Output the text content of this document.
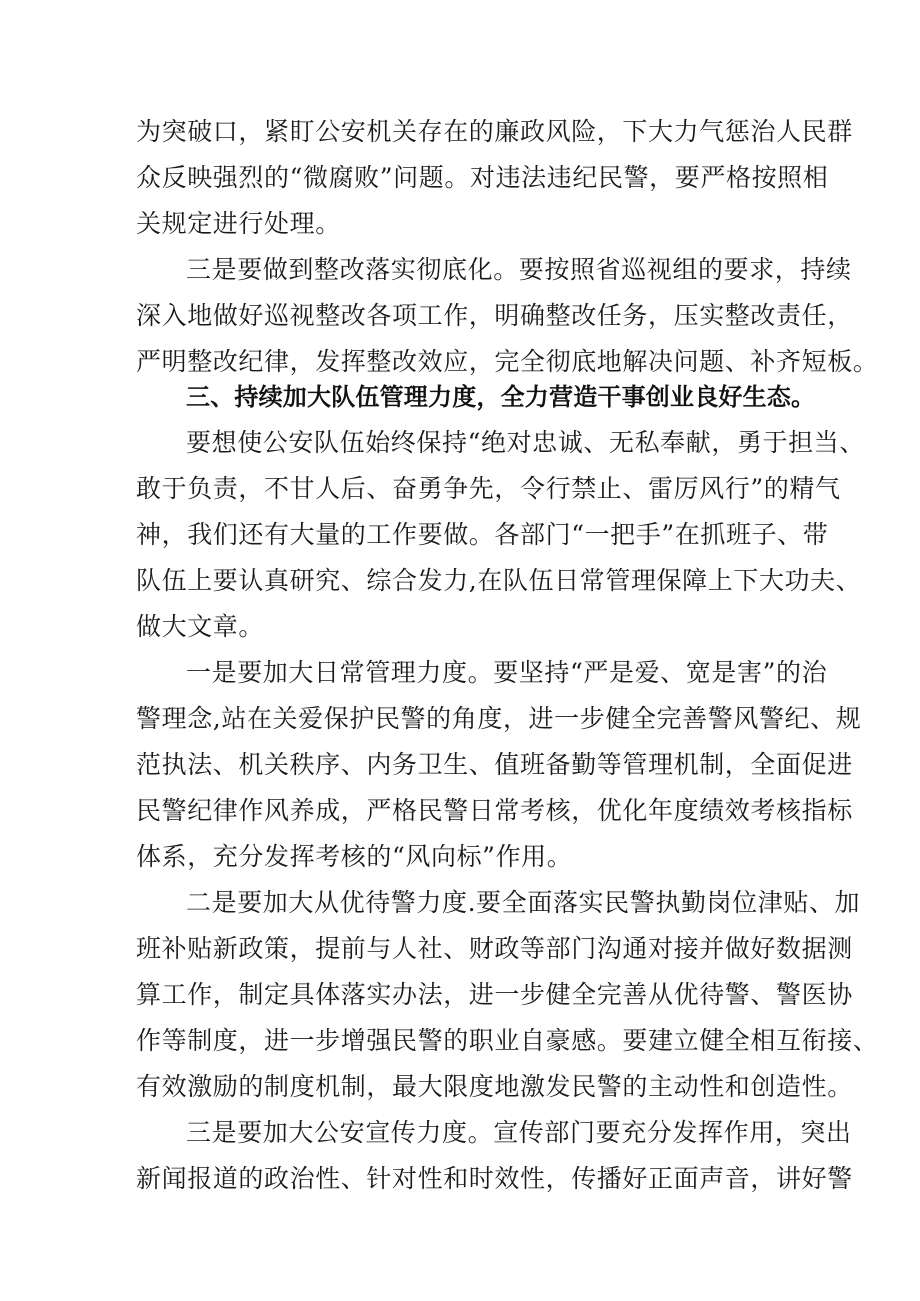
为突破口，紧盯公安机关存在的廉政风险，下大力气惩治人民群
众反映强烈的“微腐败”问题。对违法违纪民警，要严格按照相
关规定进行处理。
三是要做到整改落实彻底化。要按照省巡视组的要求，持续
深入地做好巡视整改各项工作，明确整改任务，压实整改责任，
严明整改纪律，发挥整改效应，完全彻底地解决问题、补齐短板。
三、持续加大队伍管理力度，全力营造干事创业良好生态。
要想使公安队伍始终保持“绝对忠诚、无私奉献，勇于担当、
敢于负责，不甘人后、奋勇争先，令行禁止、雷厉风行”的精气
神，我们还有大量的工作要做。各部门“一把手”在抓班子、带
队伍上要认真研究、综合发力,在队伍日常管理保障上下大功夫、
做大文章。
一是要加大日常管理力度。要坚持“严是爱、宽是害”的治
警理念,站在关爱保护民警的角度，进一步健全完善警风警纪、规
范执法、机关秩序、内务卫生、值班备勤等管理机制，全面促进
民警纪律作风养成，严格民警日常考核，优化年度绩效考核指标
体系，充分发挥考核的“风向标”作用。
二是要加大从优待警力度.要全面落实民警执勤岗位津贴、加
班补贴新政策，提前与人社、财政等部门沟通对接并做好数据测
算工作，制定具体落实办法，进一步健全完善从优待警、警医协
作等制度，进一步增强民警的职业自豪感。要建立健全相互衔接、
有效激励的制度机制，最大限度地激发民警的主动性和创造性。
三是要加大公安宣传力度。宣传部门要充分发挥作用，突出
新闻报道的政治性、针对性和时效性，传播好正面声音，讲好警
